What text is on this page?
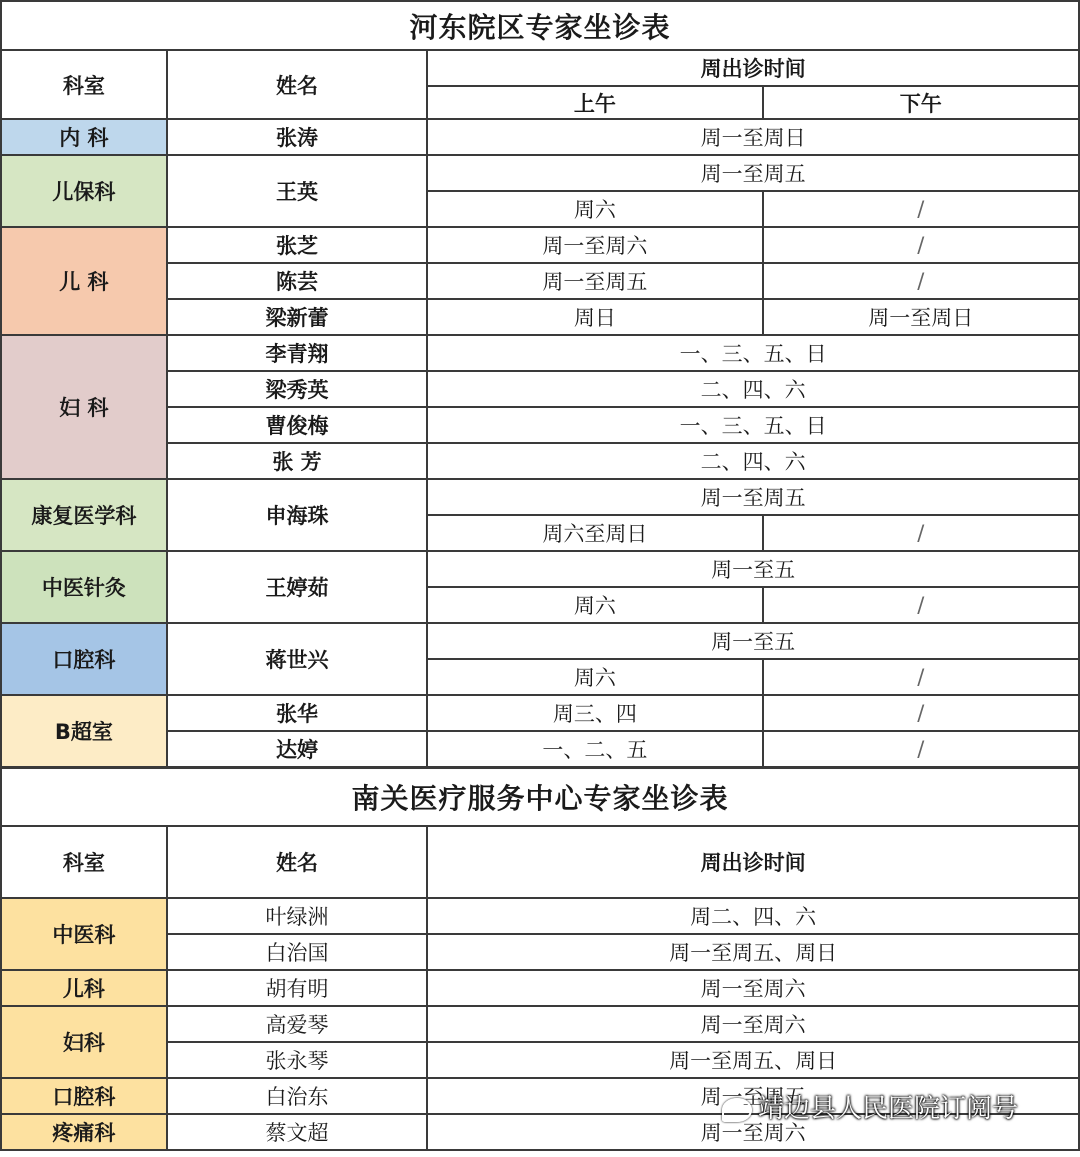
河东院区专家坐诊表			
科室	姓名	周出诊时间	
		上午	下午
内 科	张涛	周一至周日	
儿保科	王英	周一至周五	
		周六	/
儿 科	张芝	周一至周六	/
	陈芸	周一至周五	/
	梁新蕾	周日	周一至周日
妇 科	李青翔	一、三、五、日	
	梁秀英	二、四、六	
	曹俊梅	一、三、五、日	
	张 芳	二、四、六	
康复医学科	申海珠	周一至周五	
		周六至周日	/
中医针灸	王婷茹	周一至五	
		周六	/
口腔科	蒋世兴	周一至五	
		周六	/
B超室	张华	周三、四	/
	达婷	一、二、五	/
南关医疗服务中心专家坐诊表		
科室	姓名	周出诊时间
中医科	叶绿洲	周二、四、六
	白治国	周一至周五、周日
儿科	胡有明	周一至周六
妇科	高爱琴	周一至周六
	张永琴	周一至周五、周日
口腔科	白治东	周一至周五
疼痛科	蔡文超	周一至周六
靖边县人民医院订阅号
